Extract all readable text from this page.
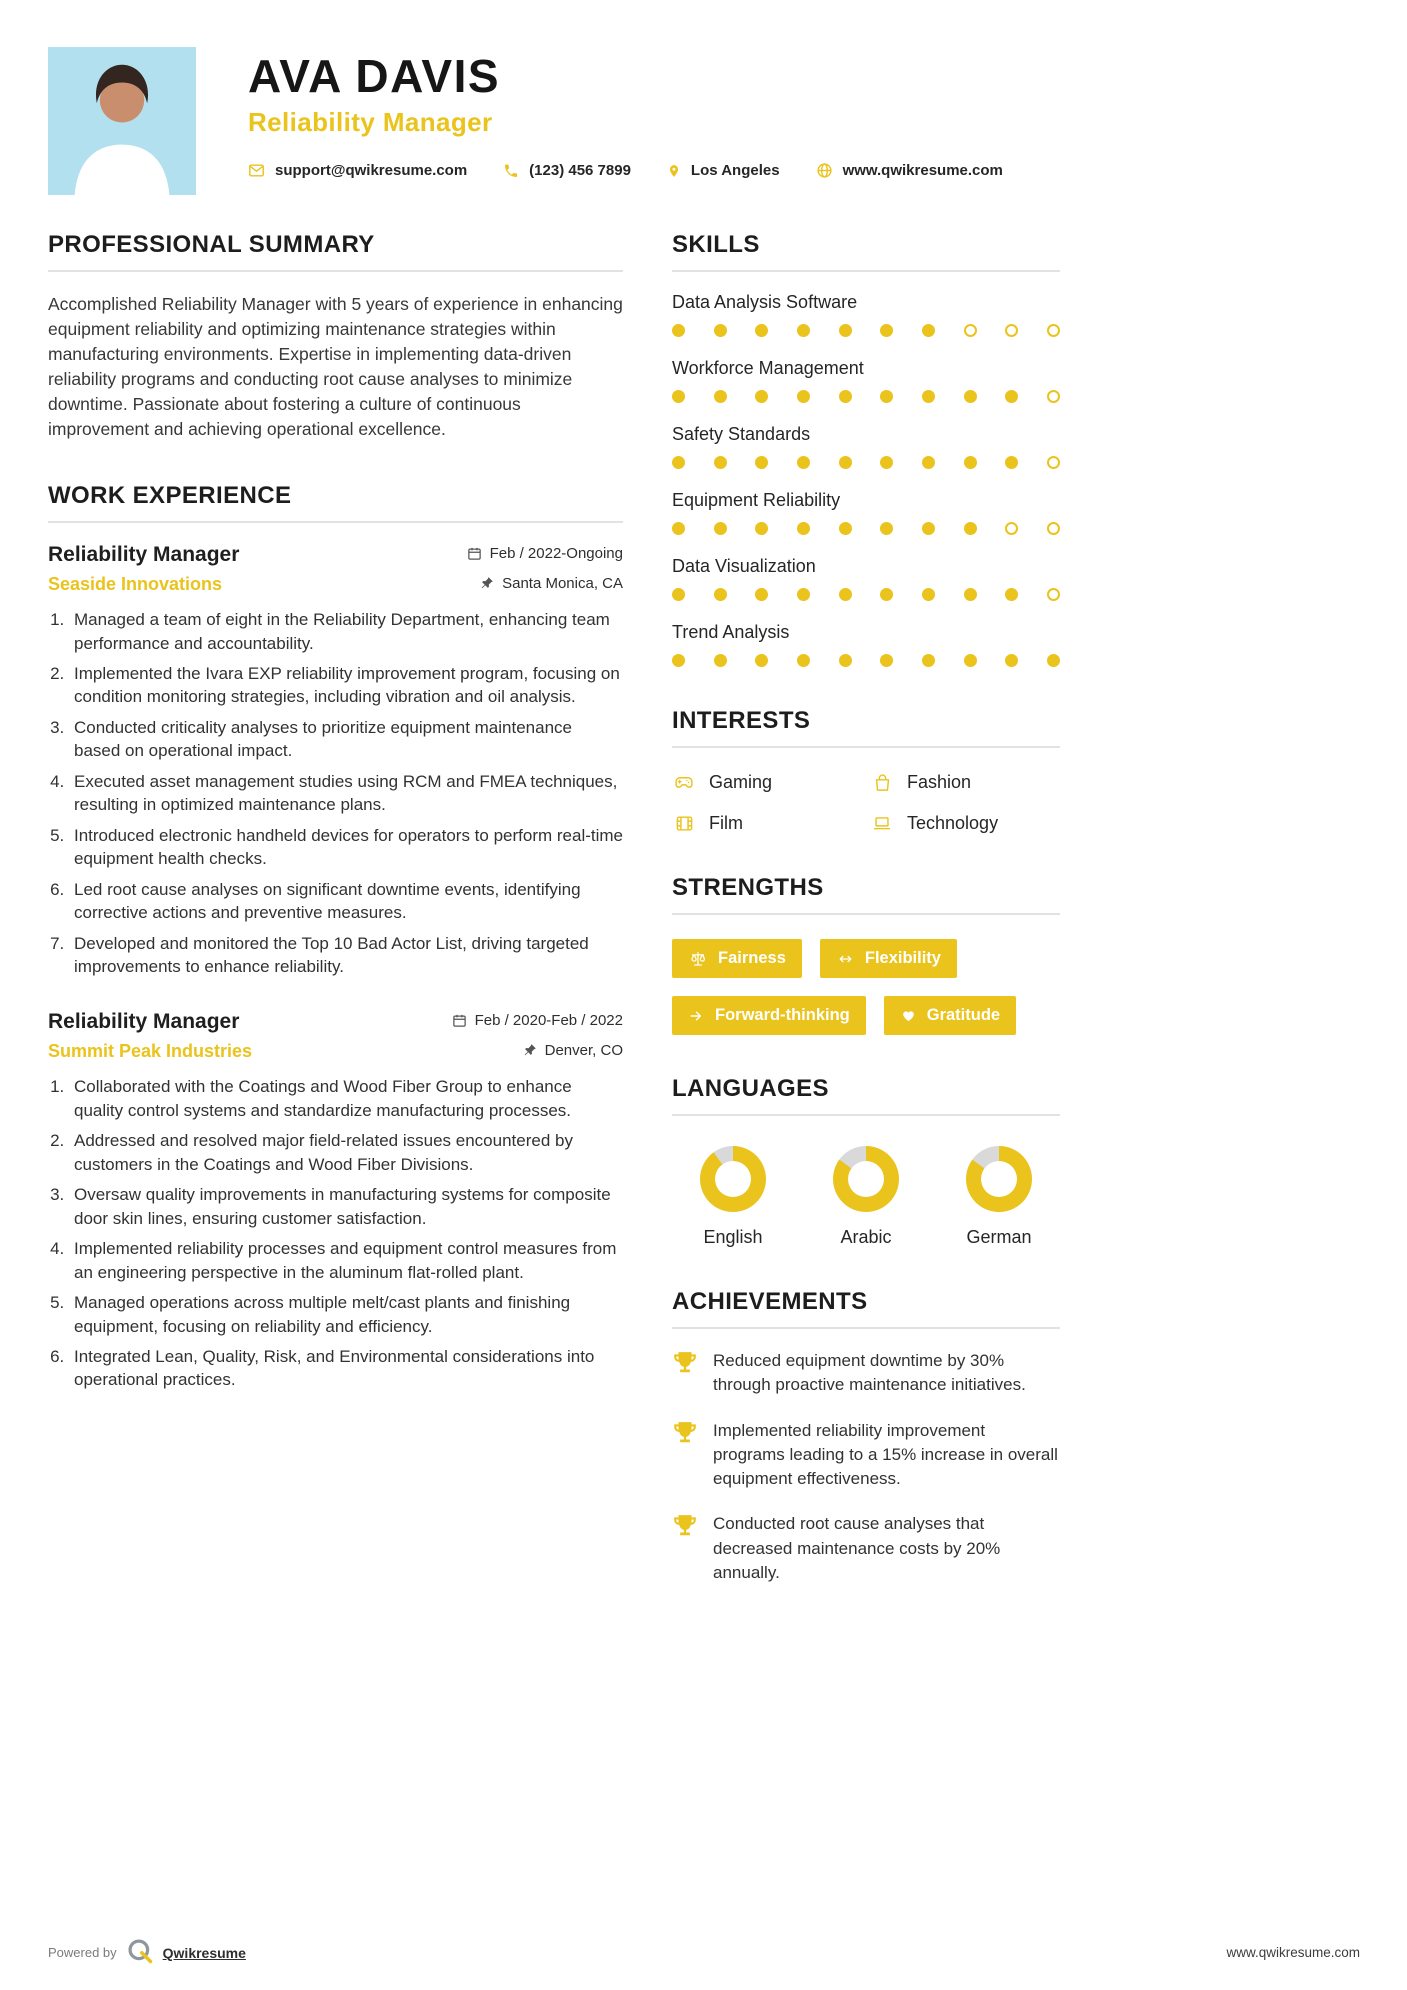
AVA DAVIS
Reliability Manager
support@qwikresume.com	(123) 456 7899	Los Angeles	www.qwikresume.com
PROFESSIONAL SUMMARY

Accomplished Reliability Manager with 5 years of experience in enhancing equipment reliability and optimizing maintenance strategies within manufacturing environments. Expertise in implementing data-driven reliability programs and conducting root cause analyses to minimize downtime. Passionate about fostering a culture of continuous improvement and achieving operational excellence.

WORK EXPERIENCE
Reliability Manager	Feb / 2022-Ongoing
Seaside Innovations	Santa Monica, CA
1. Managed a team of eight in the Reliability Department, enhancing team performance and accountability.
2. Implemented the Ivara EXP reliability improvement program, focusing on condition monitoring strategies, including vibration and oil analysis.
3. Conducted criticality analyses to prioritize equipment maintenance based on operational impact.
4. Executed asset management studies using RCM and FMEA techniques, resulting in optimized maintenance plans.
5. Introduced electronic handheld devices for operators to perform real-time equipment health checks.
6. Led root cause analyses on significant downtime events, identifying corrective actions and preventive measures.
7. Developed and monitored the Top 10 Bad Actor List, driving targeted improvements to enhance reliability.
Reliability Manager	Feb / 2020-Feb / 2022
Summit Peak Industries	Denver, CO
1. Collaborated with the Coatings and Wood Fiber Group to enhance quality control systems and standardize manufacturing processes.
2. Addressed and resolved major field-related issues encountered by customers in the Coatings and Wood Fiber Divisions.
3. Oversaw quality improvements in manufacturing systems for composite door skin lines, ensuring customer satisfaction.
4. Implemented reliability processes and equipment control measures from an engineering perspective in the aluminum flat-rolled plant.
5. Managed operations across multiple melt/cast plants and finishing equipment, focusing on reliability and efficiency.
6. Integrated Lean, Quality, Risk, and Environmental considerations into operational practices.
SKILLS
Data Analysis Software
Workforce Management
Safety Standards
Equipment Reliability
Data Visualization
Trend Analysis
INTERESTS
Gaming	Fashion
Film	Technology
STRENGTHS
Fairness	Flexibility
Forward-thinking	Gratitude
LANGUAGES
English	Arabic	German
ACHIEVEMENTS

Reduced equipment downtime by 30% through proactive maintenance initiatives.

Implemented reliability improvement programs leading to a 15% increase in overall equipment effectiveness.

Conducted root cause analyses that decreased maintenance costs by 20% annually.

Powered by	Qwikresume	www.qwikresume.com
